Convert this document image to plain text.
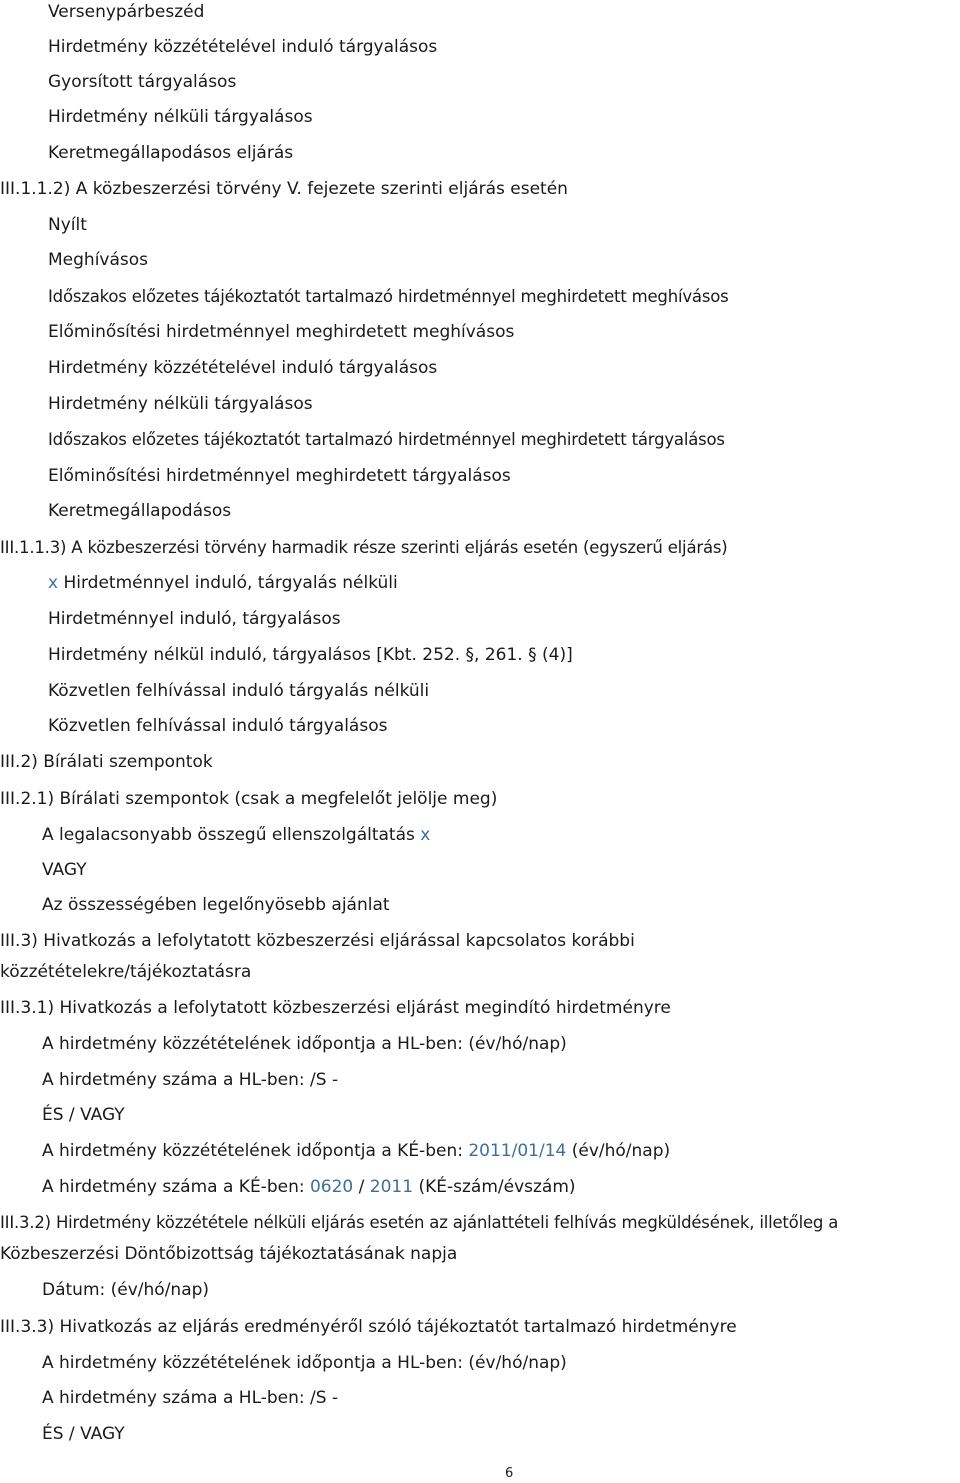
Versenypárbeszéd
Hirdetmény közzétételével induló tárgyalásos
Gyorsított tárgyalásos
Hirdetmény nélküli tárgyalásos
Keretmegállapodásos eljárás
III.1.1.2) A közbeszerzési törvény V. fejezete szerinti eljárás esetén
Nyílt
Meghívásos
Időszakos előzetes tájékoztatót tartalmazó hirdetménnyel meghirdetett meghívásos
Előminősítési hirdetménnyel meghirdetett meghívásos
Hirdetmény közzétételével induló tárgyalásos
Hirdetmény nélküli tárgyalásos
Időszakos előzetes tájékoztatót tartalmazó hirdetménnyel meghirdetett tárgyalásos
Előminősítési hirdetménnyel meghirdetett tárgyalásos
Keretmegállapodásos
III.1.1.3) A közbeszerzési törvény harmadik része szerinti eljárás esetén (egyszerű eljárás)
x Hirdetménnyel induló, tárgyalás nélküli
Hirdetménnyel induló, tárgyalásos
Hirdetmény nélkül induló, tárgyalásos [Kbt. 252. §, 261. § (4)]
Közvetlen felhívással induló tárgyalás nélküli
Közvetlen felhívással induló tárgyalásos
III.2) Bírálati szempontok
III.2.1) Bírálati szempontok (csak a megfelelőt jelölje meg)
A legalacsonyabb összegű ellenszolgáltatás x
VAGY
Az összességében legelőnyösebb ajánlat
III.3) Hivatkozás a lefolytatott közbeszerzési eljárással kapcsolatos korábbi
közzétételekre/tájékoztatásra
III.3.1) Hivatkozás a lefolytatott közbeszerzési eljárást megindító hirdetményre
A hirdetmény közzétételének időpontja a HL-ben: (év/hó/nap)
A hirdetmény száma a HL-ben: /S -
ÉS / VAGY
A hirdetmény közzétételének időpontja a KÉ-ben: 2011/01/14 (év/hó/nap)
A hirdetmény száma a KÉ-ben: 0620 / 2011 (KÉ-szám/évszám)
III.3.2) Hirdetmény közzététele nélküli eljárás esetén az ajánlattételi felhívás megküldésének, illetőleg a
Közbeszerzési Döntőbizottság tájékoztatásának napja
Dátum: (év/hó/nap)
III.3.3) Hivatkozás az eljárás eredményéről szóló tájékoztatót tartalmazó hirdetményre
A hirdetmény közzétételének időpontja a HL-ben: (év/hó/nap)
A hirdetmény száma a HL-ben: /S -
ÉS / VAGY
6
